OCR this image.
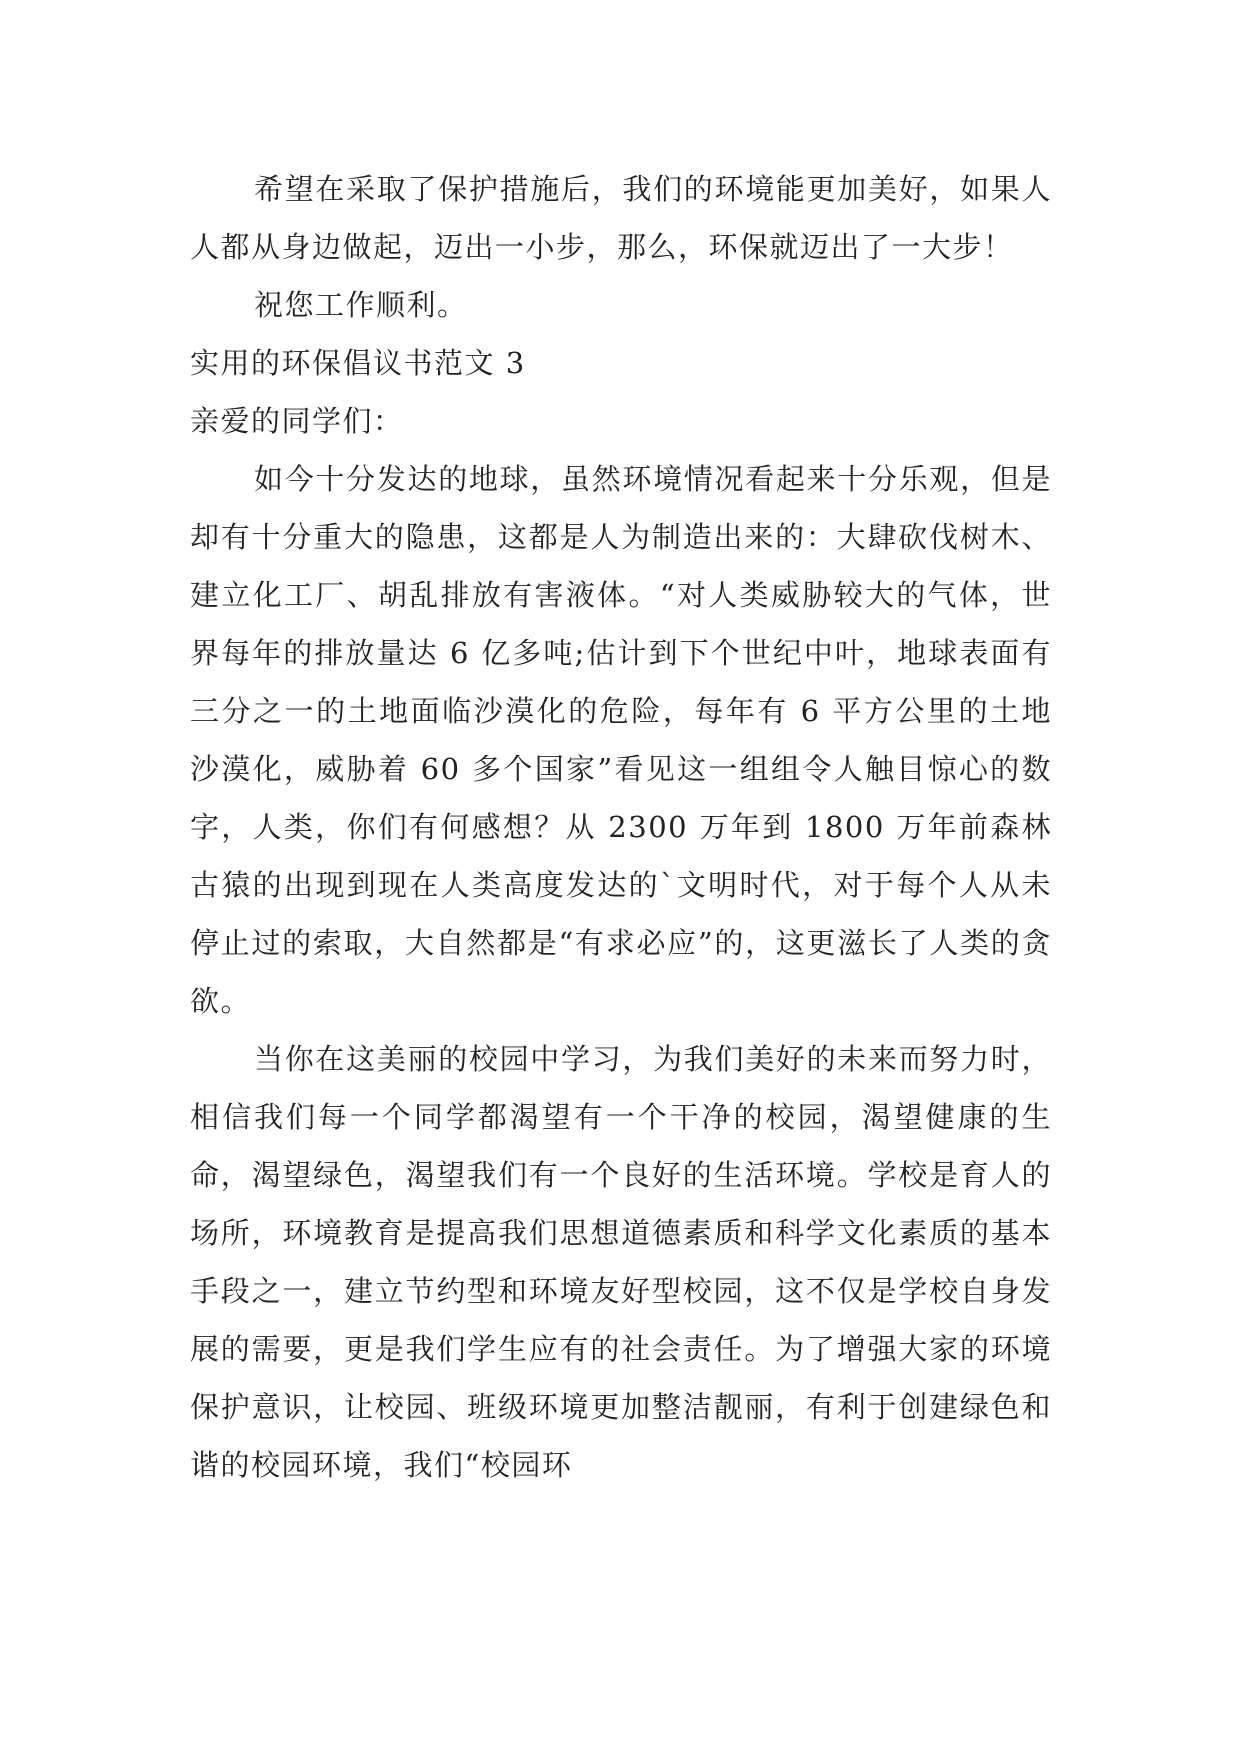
希望在采取了保护措施后，我们的环境能更加美好，如果人人都从身边做起，迈出一小步，那么，环保就迈出了一大步！

祝您工作顺利。

实用的环保倡议书范文 3

亲爱的同学们：

如今十分发达的地球，虽然环境情况看起来十分乐观，但是却有十分重大的隐患，这都是人为制造出来的：大肆砍伐树木、建立化工厂、胡乱排放有害液体。“对人类威胁较大的气体，世界每年的排放量达 6 亿多吨;估计到下个世纪中叶，地球表面有三分之一的土地面临沙漠化的危险，每年有 6 平方公里的土地沙漠化，威胁着 60 多个国家”看见这一组组令人触目惊心的数字，人类，你们有何感想？从 2300 万年到 1800 万年前森林古猿的出现到现在人类高度发达的`文明时代，对于每个人从未停止过的索取，大自然都是“有求必应”的，这更滋长了人类的贪欲。

当你在这美丽的校园中学习，为我们美好的未来而努力时，相信我们每一个同学都渴望有一个干净的校园，渴望健康的生命，渴望绿色，渴望我们有一个良好的生活环境。学校是育人的场所，环境教育是提高我们思想道德素质和科学文化素质的基本手段之一，建立节约型和环境友好型校园，这不仅是学校自身发展的需要，更是我们学生应有的社会责任。为了增强大家的环境保护意识，让校园、班级环境更加整洁靓丽，有利于创建绿色和谐的校园环境，我们“校园环
